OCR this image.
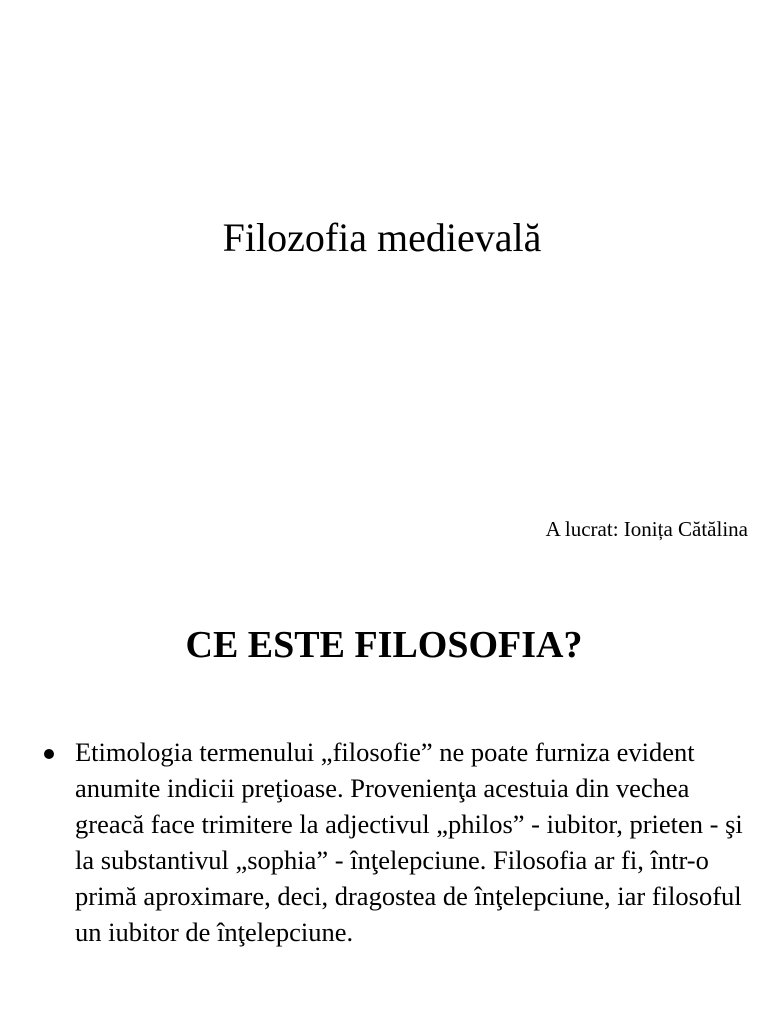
Filozofia medievală
A lucrat: Ionița Cătălina
CE ESTE FILOSOFIA?
Etimologia termenului „filosofie” ne poate furniza evident anumite indicii preţioase. Provenienţa acestuia din vechea greacă face trimitere la adjectivul „philos” - iubitor, prieten - şi la substantivul „sophia” - înţelepciune. Filosofia ar fi, într-o primă aproximare, deci, dragostea de înţelepciune, iar filosoful un iubitor de înţelepciune.
